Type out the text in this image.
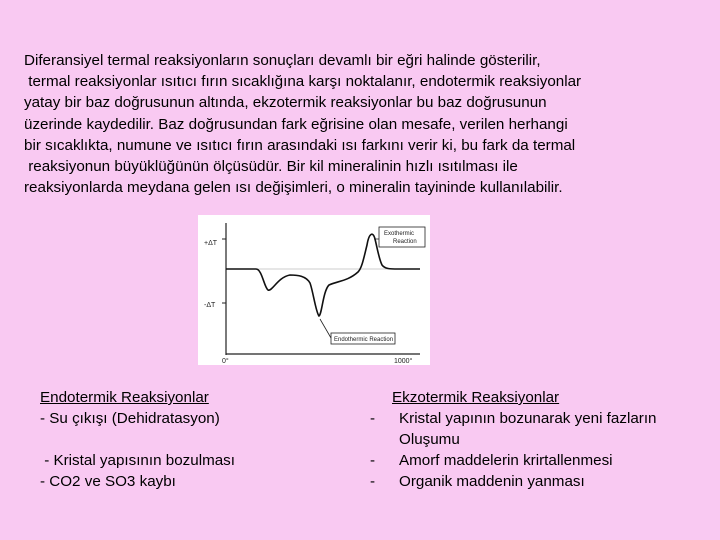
Diferansiyel termal reaksiyonların sonuçları devamlı bir eğri halinde gösterilir,
termal reaksiyonlar ısıtıcı fırın sıcaklığına karşı noktalanır, endotermik reaksiyonlar
yatay bir baz doğrusunun altında, ekzotermik reaksiyonlar bu baz doğrusunun
üzerinde kaydedilir. Baz doğrusundan fark eğrisine olan mesafe, verilen herhangi
bir sıcaklıkta, numune ve ısıtıcı fırın arasındaki ısı farkını verir ki, bu fark da termal
reaksiyonun büyüklüğünün ölçüsüdür. Bir kil mineralinin hızlı ısıtılması ile
reaksiyonlarda meydana gelen ısı değişimleri, o mineralin tayininde kullanılabilir.
Exothermic
Reaction
Endothermic Reaction
+ΔT
-ΔT
0°	1000°
Endotermik Reaksiyonlar
- Su çıkışı (Dehidratasyon)
- Kristal yapısının bozulması
- CO2 ve SO3 kaybı
Ekzotermik Reaksiyonlar
- Kristal yapının bozunarak yeni fazların
Oluşumu
- Amorf maddelerin krirtallenmesi
- Organik maddenin yanması
